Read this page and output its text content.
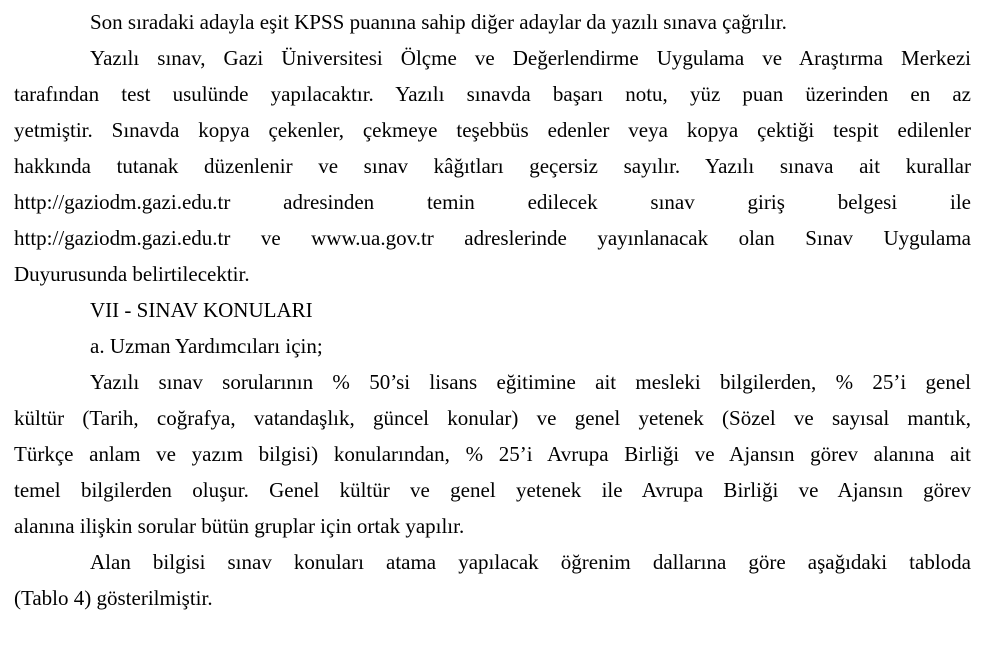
Son sıradaki adayla eşit KPSS puanına sahip diğer adaylar da yazılı sınava çağrılır.

Yazılı sınav, Gazi Üniversitesi Ölçme ve Değerlendirme Uygulama ve Araştırma Merkezi
tarafından test usulünde yapılacaktır. Yazılı sınavda başarı notu, yüz puan üzerinden en az
yetmiştir. Sınavda kopya çekenler, çekmeye teşebbüs edenler veya kopya çektiği tespit edilenler
hakkında tutanak düzenlenir ve sınav kâğıtları geçersiz sayılır. Yazılı sınava ait kurallar
http://gaziodm.gazi.edu.tr adresinden temin edilecek sınav giriş belgesi ile
http://gaziodm.gazi.edu.tr ve www.ua.gov.tr adreslerinde yayınlanacak olan Sınav Uygulama
Duyurusunda belirtilecektir.

VII - SINAV KONULARI

a. Uzman Yardımcıları için;

Yazılı sınav sorularının % 50’si lisans eğitimine ait mesleki bilgilerden, % 25’i genel
kültür (Tarih, coğrafya, vatandaşlık, güncel konular) ve genel yetenek (Sözel ve sayısal mantık,
Türkçe anlam ve yazım bilgisi) konularından, % 25’i Avrupa Birliği ve Ajansın görev alanına ait
temel bilgilerden oluşur. Genel kültür ve genel yetenek ile Avrupa Birliği ve Ajansın görev
alanına ilişkin sorular bütün gruplar için ortak yapılır.

Alan bilgisi sınav konuları atama yapılacak öğrenim dallarına göre aşağıdaki tabloda
(Tablo 4) gösterilmiştir.
